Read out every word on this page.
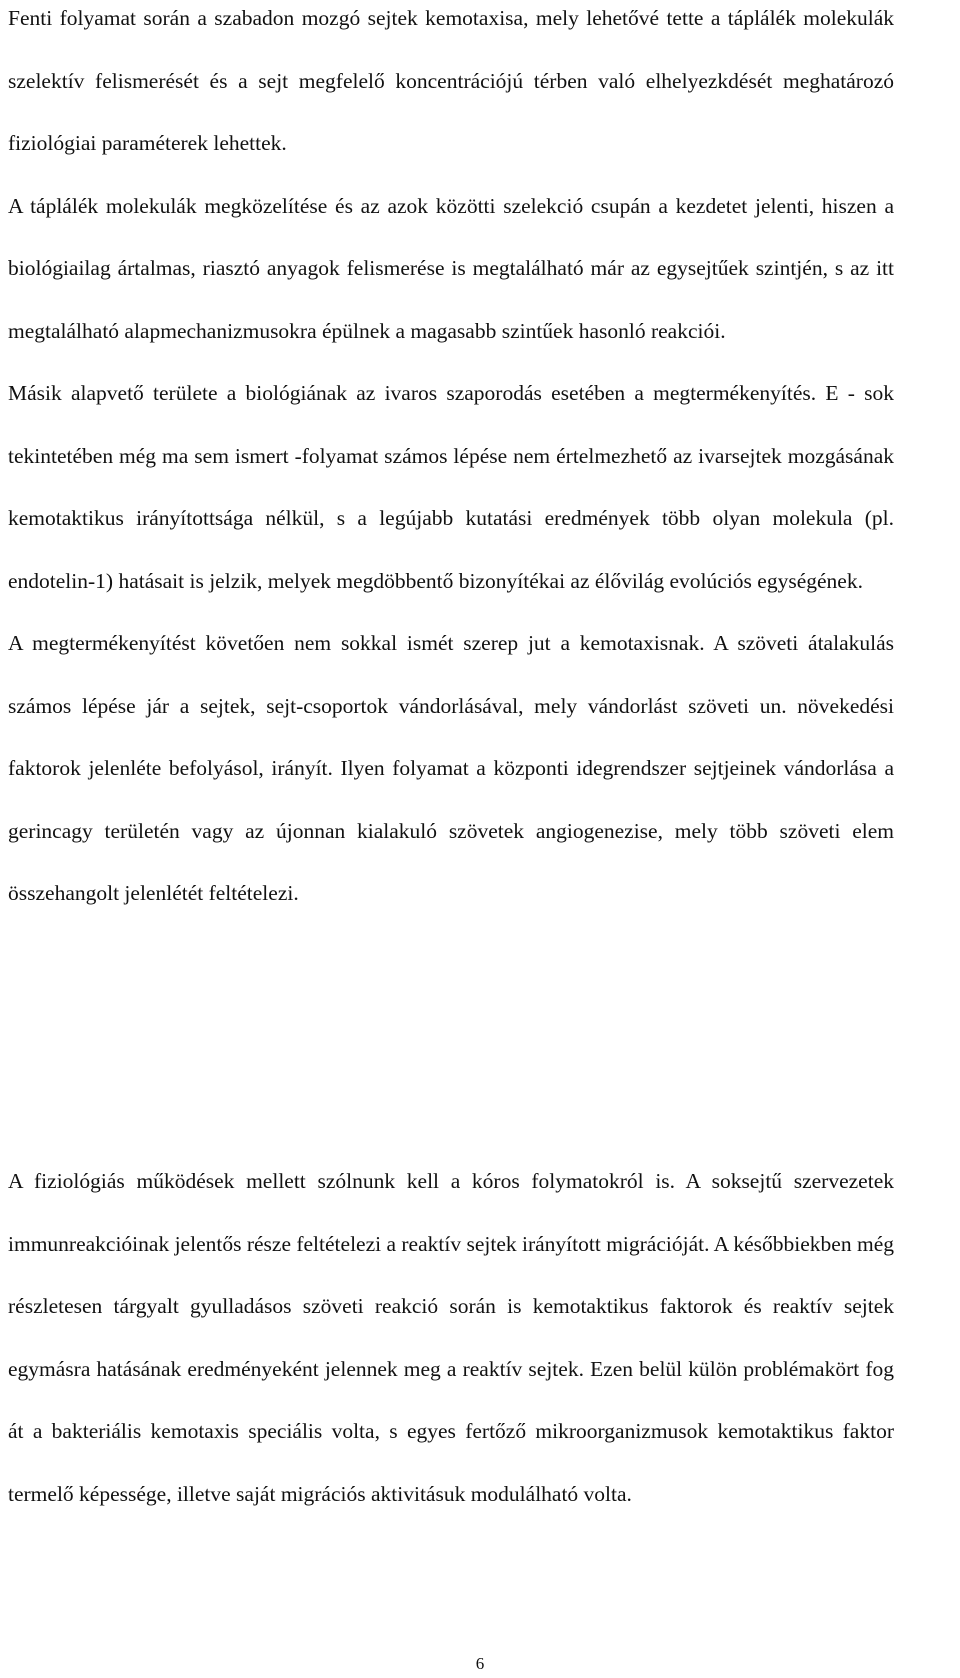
Fenti folyamat során a szabadon mozgó sejtek kemotaxisa, mely lehetővé tette a táplálék molekulák szelektív felismerését és a sejt megfelelő koncentrációjú térben való elhelyezkdését meghatározó fiziológiai paraméterek lehettek.

A táplálék molekulák megközelítése és az azok közötti szelekció csupán a kezdetet jelenti, hiszen a biológiailag ártalmas, riasztó anyagok felismerése is megtalálható már az egysejtűek szintjén, s az itt megtalálható alapmechanizmusokra épülnek a magasabb szintűek hasonló reakciói.

Másik alapvető területe a biológiának az ivaros szaporodás esetében a megtermékenyítés. E - sok tekintetében még ma sem ismert -folyamat számos lépése nem értelmezhető az ivarsejtek mozgásának kemotaktikus irányítottsága nélkül, s a legújabb kutatási eredmények több olyan molekula (pl. endotelin-1) hatásait is jelzik, melyek megdöbbentő bizonyítékai az élővilág evolúciós egységének.

A megtermékenyítést követően nem sokkal ismét szerep jut a kemotaxisnak. A szöveti átalakulás számos lépése jár a sejtek, sejt-csoportok vándorlásával, mely vándorlást szöveti un. növekedési faktorok jelenléte befolyásol, irányít. Ilyen folyamat a központi idegrendszer sejtjeinek vándorlása a gerincagy területén vagy az újonnan kialakuló szövetek angiogenezise, mely több szöveti elem összehangolt jelenlétét feltételezi.

A fiziológiás működések mellett szólnunk kell a kóros folymatokról is. A soksejtű szervezetek immunreakcióinak jelentős része feltételezi a reaktív sejtek irányított migrációját. A későbbiekben még részletesen tárgyalt gyulladásos szöveti reakció során is kemotaktikus faktorok és reaktív sejtek egymásra hatásának eredményeként jelennek meg a reaktív sejtek. Ezen belül külön problémakört fog át a bakteriális kemotaxis speciális volta, s egyes fertőző mikroorganizmusok kemotaktikus faktor termelő képessége, illetve saját migrációs aktivitásuk modulálható volta.

6
